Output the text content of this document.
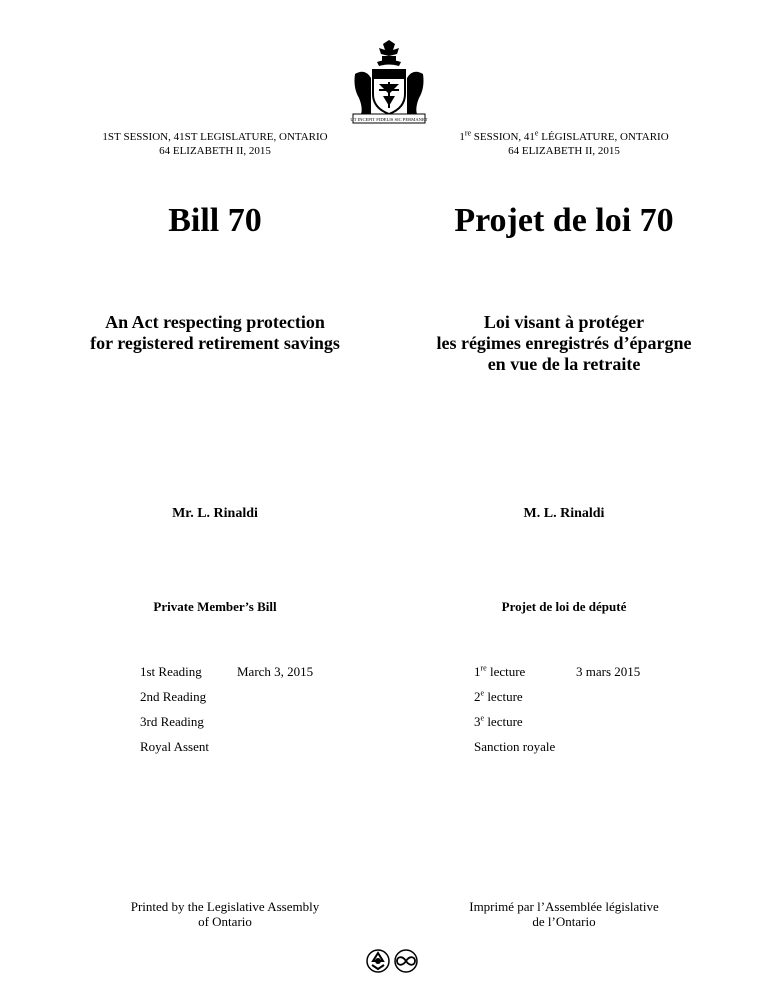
UT INCEPIT FIDELIS SIC PERMANET
1ST SESSION, 41ST LEGISLATURE, ONTARIO
64 ELIZABETH II, 2015
1re SESSION, 41e LÉGISLATURE, ONTARIO
64 ELIZABETH II, 2015
Bill 70	Projet de loi 70
An Act respecting protection
for registered retirement savings
Loi visant à protéger
les régimes enregistrés d’épargne
en vue de la retraite
Mr. L. Rinaldi	M. L. Rinaldi
Private Member’s Bill	Projet de loi de député
1st Reading	March 3, 2015
2nd Reading
3rd Reading
Royal Assent
1re lecture	3 mars 2015
2e lecture
3e lecture
Sanction royale
Printed by the Legislative Assembly
of Ontario
Imprimé par l’Assemblée législative
de l’Ontario
